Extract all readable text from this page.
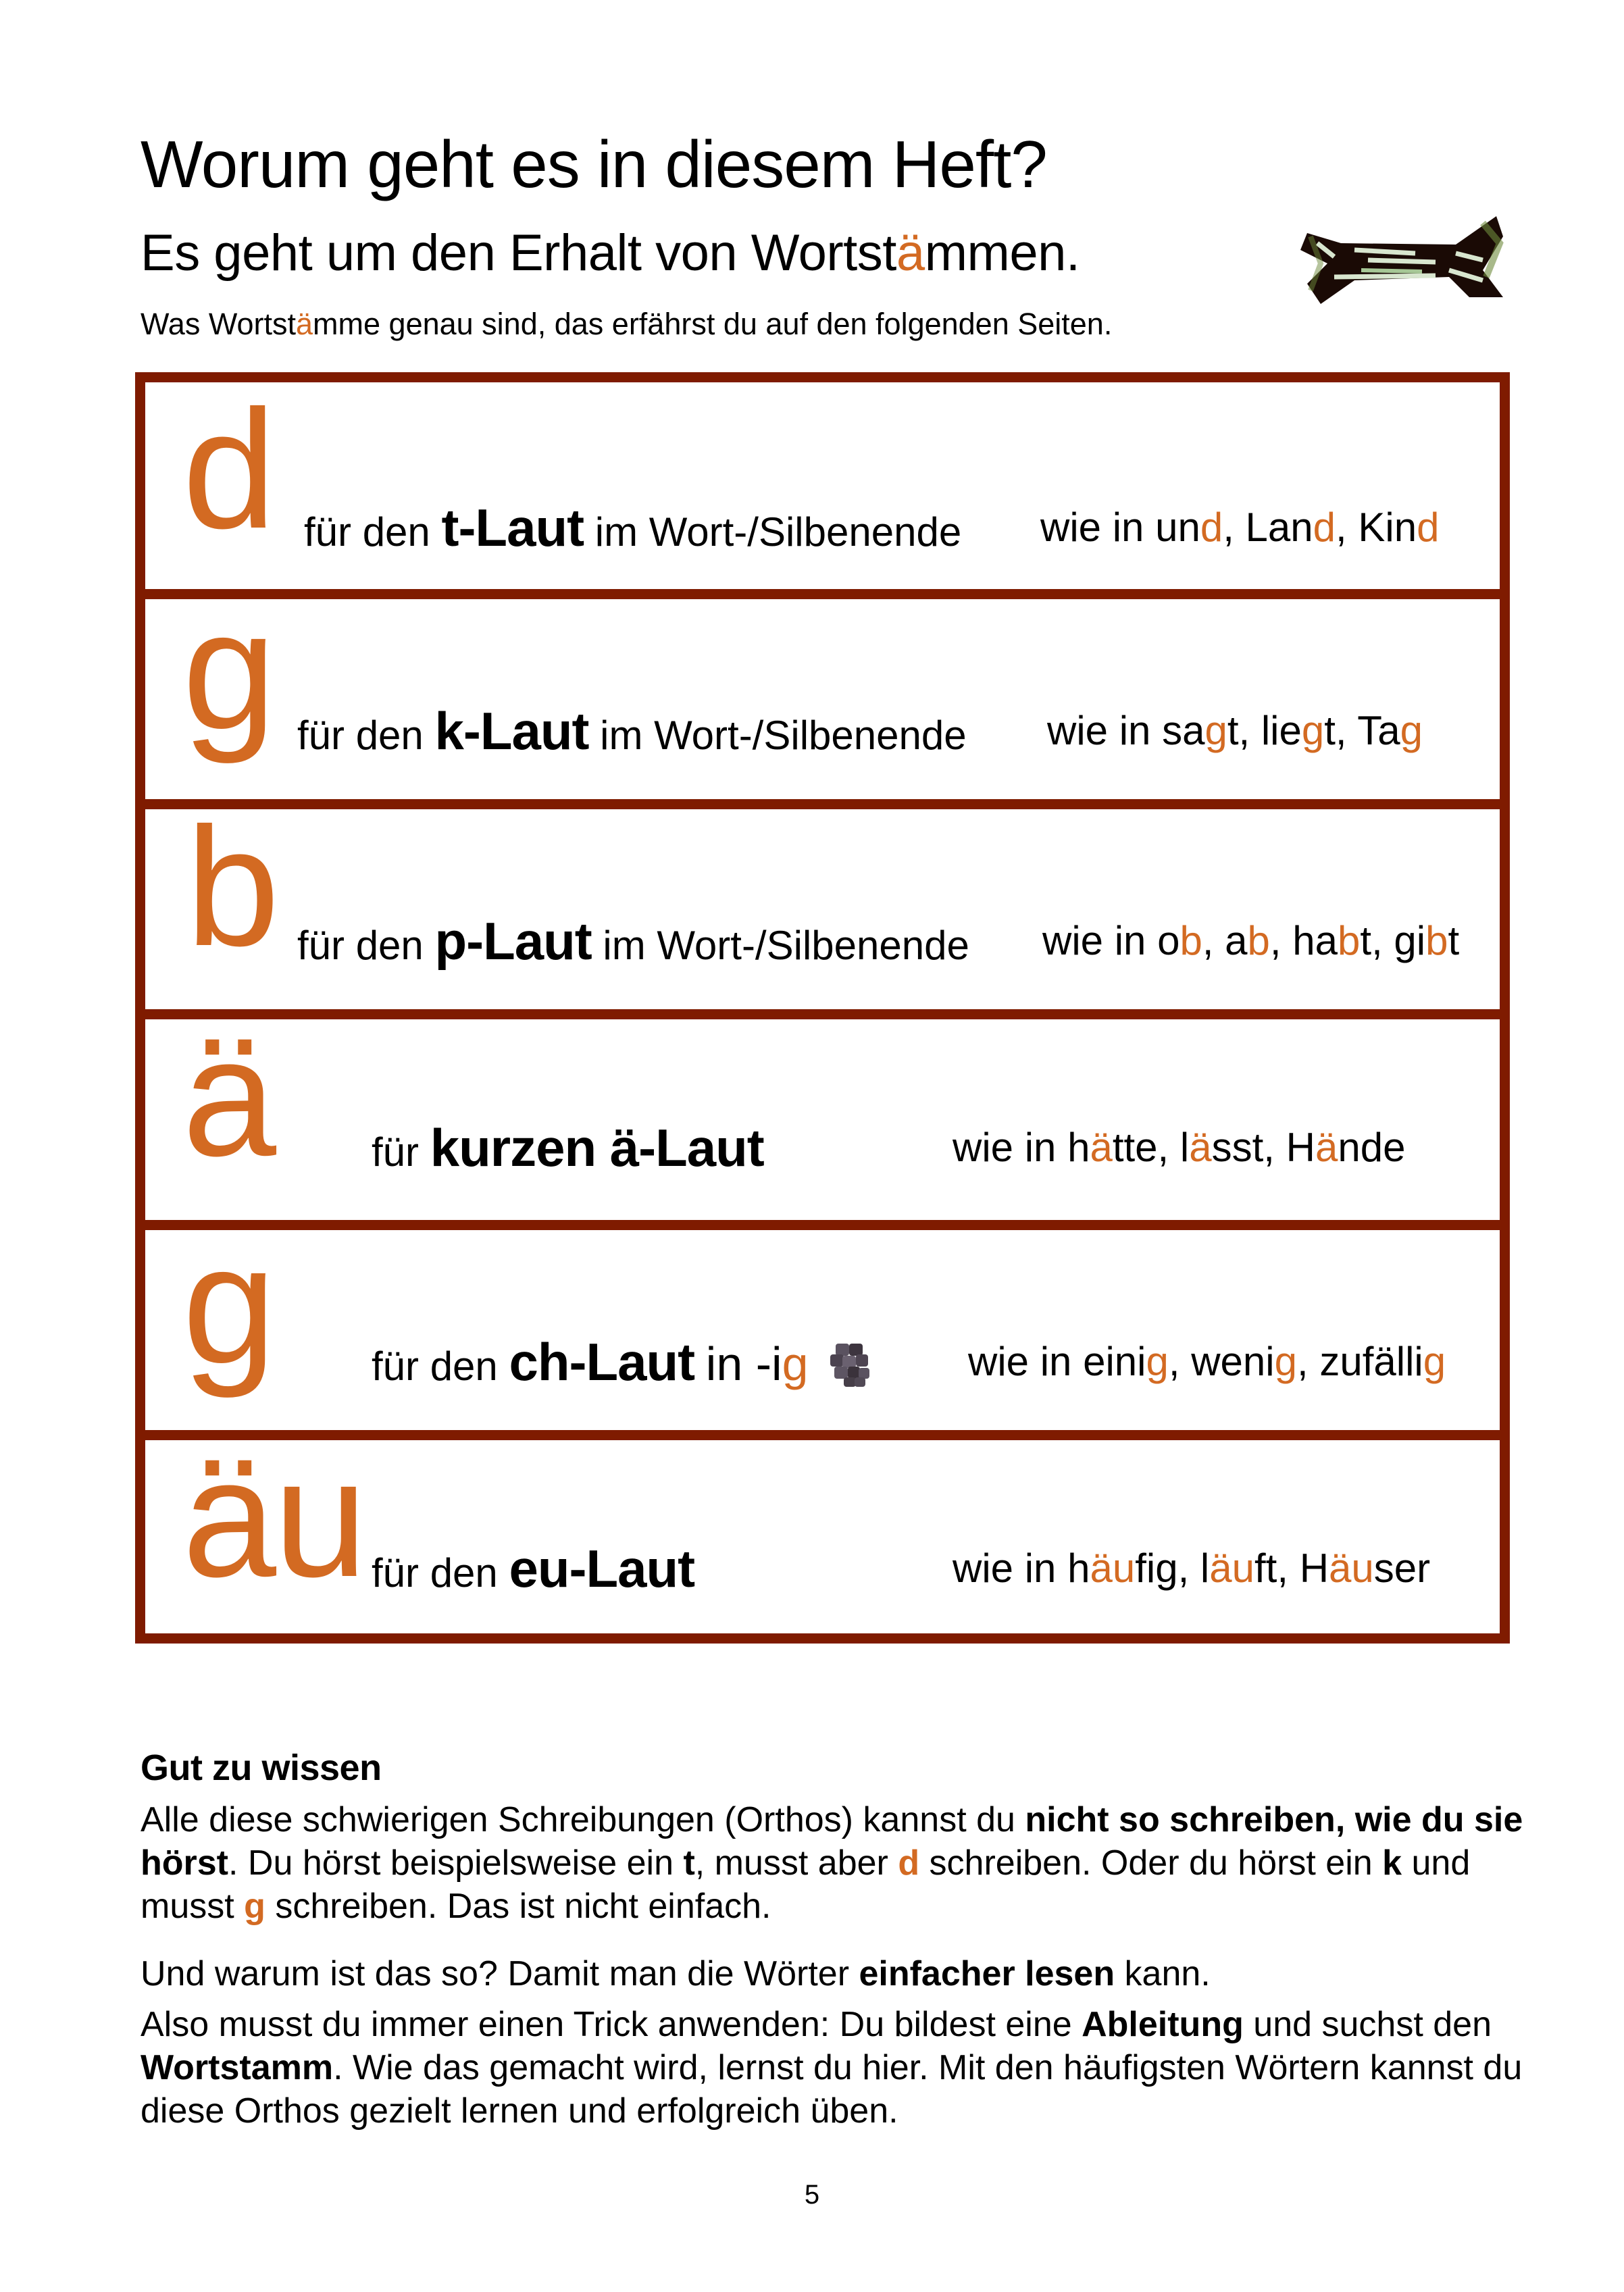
Worum geht es in diesem Heft?
Es geht um den Erhalt von Wortstämmen.
Was Wortstämme genau sind, das erfährst du auf den folgenden Seiten.
d für den t-Laut im Wort-/Silbenende wie in und, Land, Kind
g für den k-Laut im Wort-/Silbenende wie in sagt, liegt, Tag
b für den p-Laut im Wort-/Silbenende wie in ob, ab, habt, gibt
ä für kurzen ä-Laut	wie in hätte, lässt, Hände
g für den ch-Laut in -ig	wie in einig, wenig, zufällig
äu für den eu-Laut	wie in häufig, läuft, Häuser
Gut zu wissen
Alle diese schwierigen Schreibungen (Orthos) kannst du nicht so schreiben, wie du sie hörst. Du hörst beispielsweise ein t, musst aber d schreiben. Oder du hörst ein k und musst g schreiben. Das ist nicht einfach.
Und warum ist das so? Damit man die Wörter einfacher lesen kann.
Also musst du immer einen Trick anwenden: Du bildest eine Ableitung und suchst den Wortstamm. Wie das gemacht wird, lernst du hier. Mit den häufigsten Wörtern kannst du diese Orthos gezielt lernen und erfolgreich üben.
5
